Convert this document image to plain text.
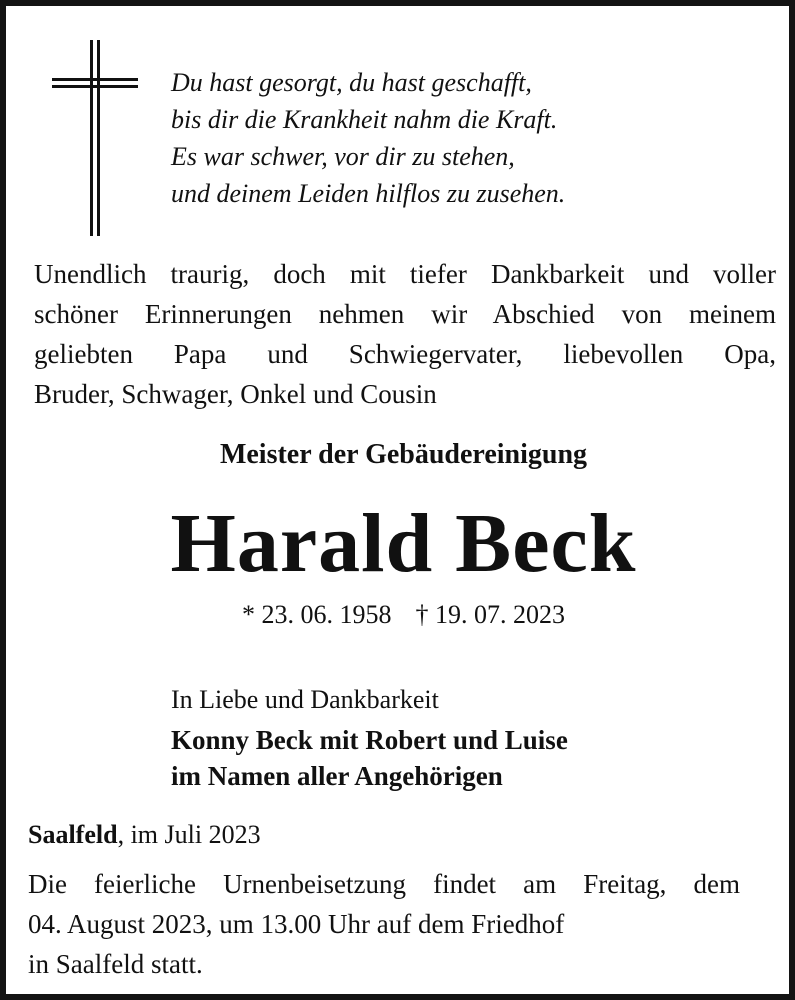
Du hast gesorgt, du hast geschafft,
bis dir die Krankheit nahm die Kraft.
Es war schwer, vor dir zu stehen,
und deinem Leiden hilflos zu zusehen.
Unendlich traurig, doch mit tiefer Dankbarkeit und voller
schöner Erinnerungen nehmen wir Abschied von meinem
geliebten Papa und Schwiegervater, liebevollen Opa,
Bruder, Schwager, Onkel und Cousin
Meister der Gebäudereinigung
Harald Beck
* 23. 06. 1958 † 19. 07. 2023
In Liebe und Dankbarkeit
Konny Beck mit Robert und Luise
im Namen aller Angehörigen
Saalfeld, im Juli 2023
Die feierliche Urnenbeisetzung findet am Freitag, dem
04. August 2023, um 13.00 Uhr auf dem Friedhof
in Saalfeld statt.
